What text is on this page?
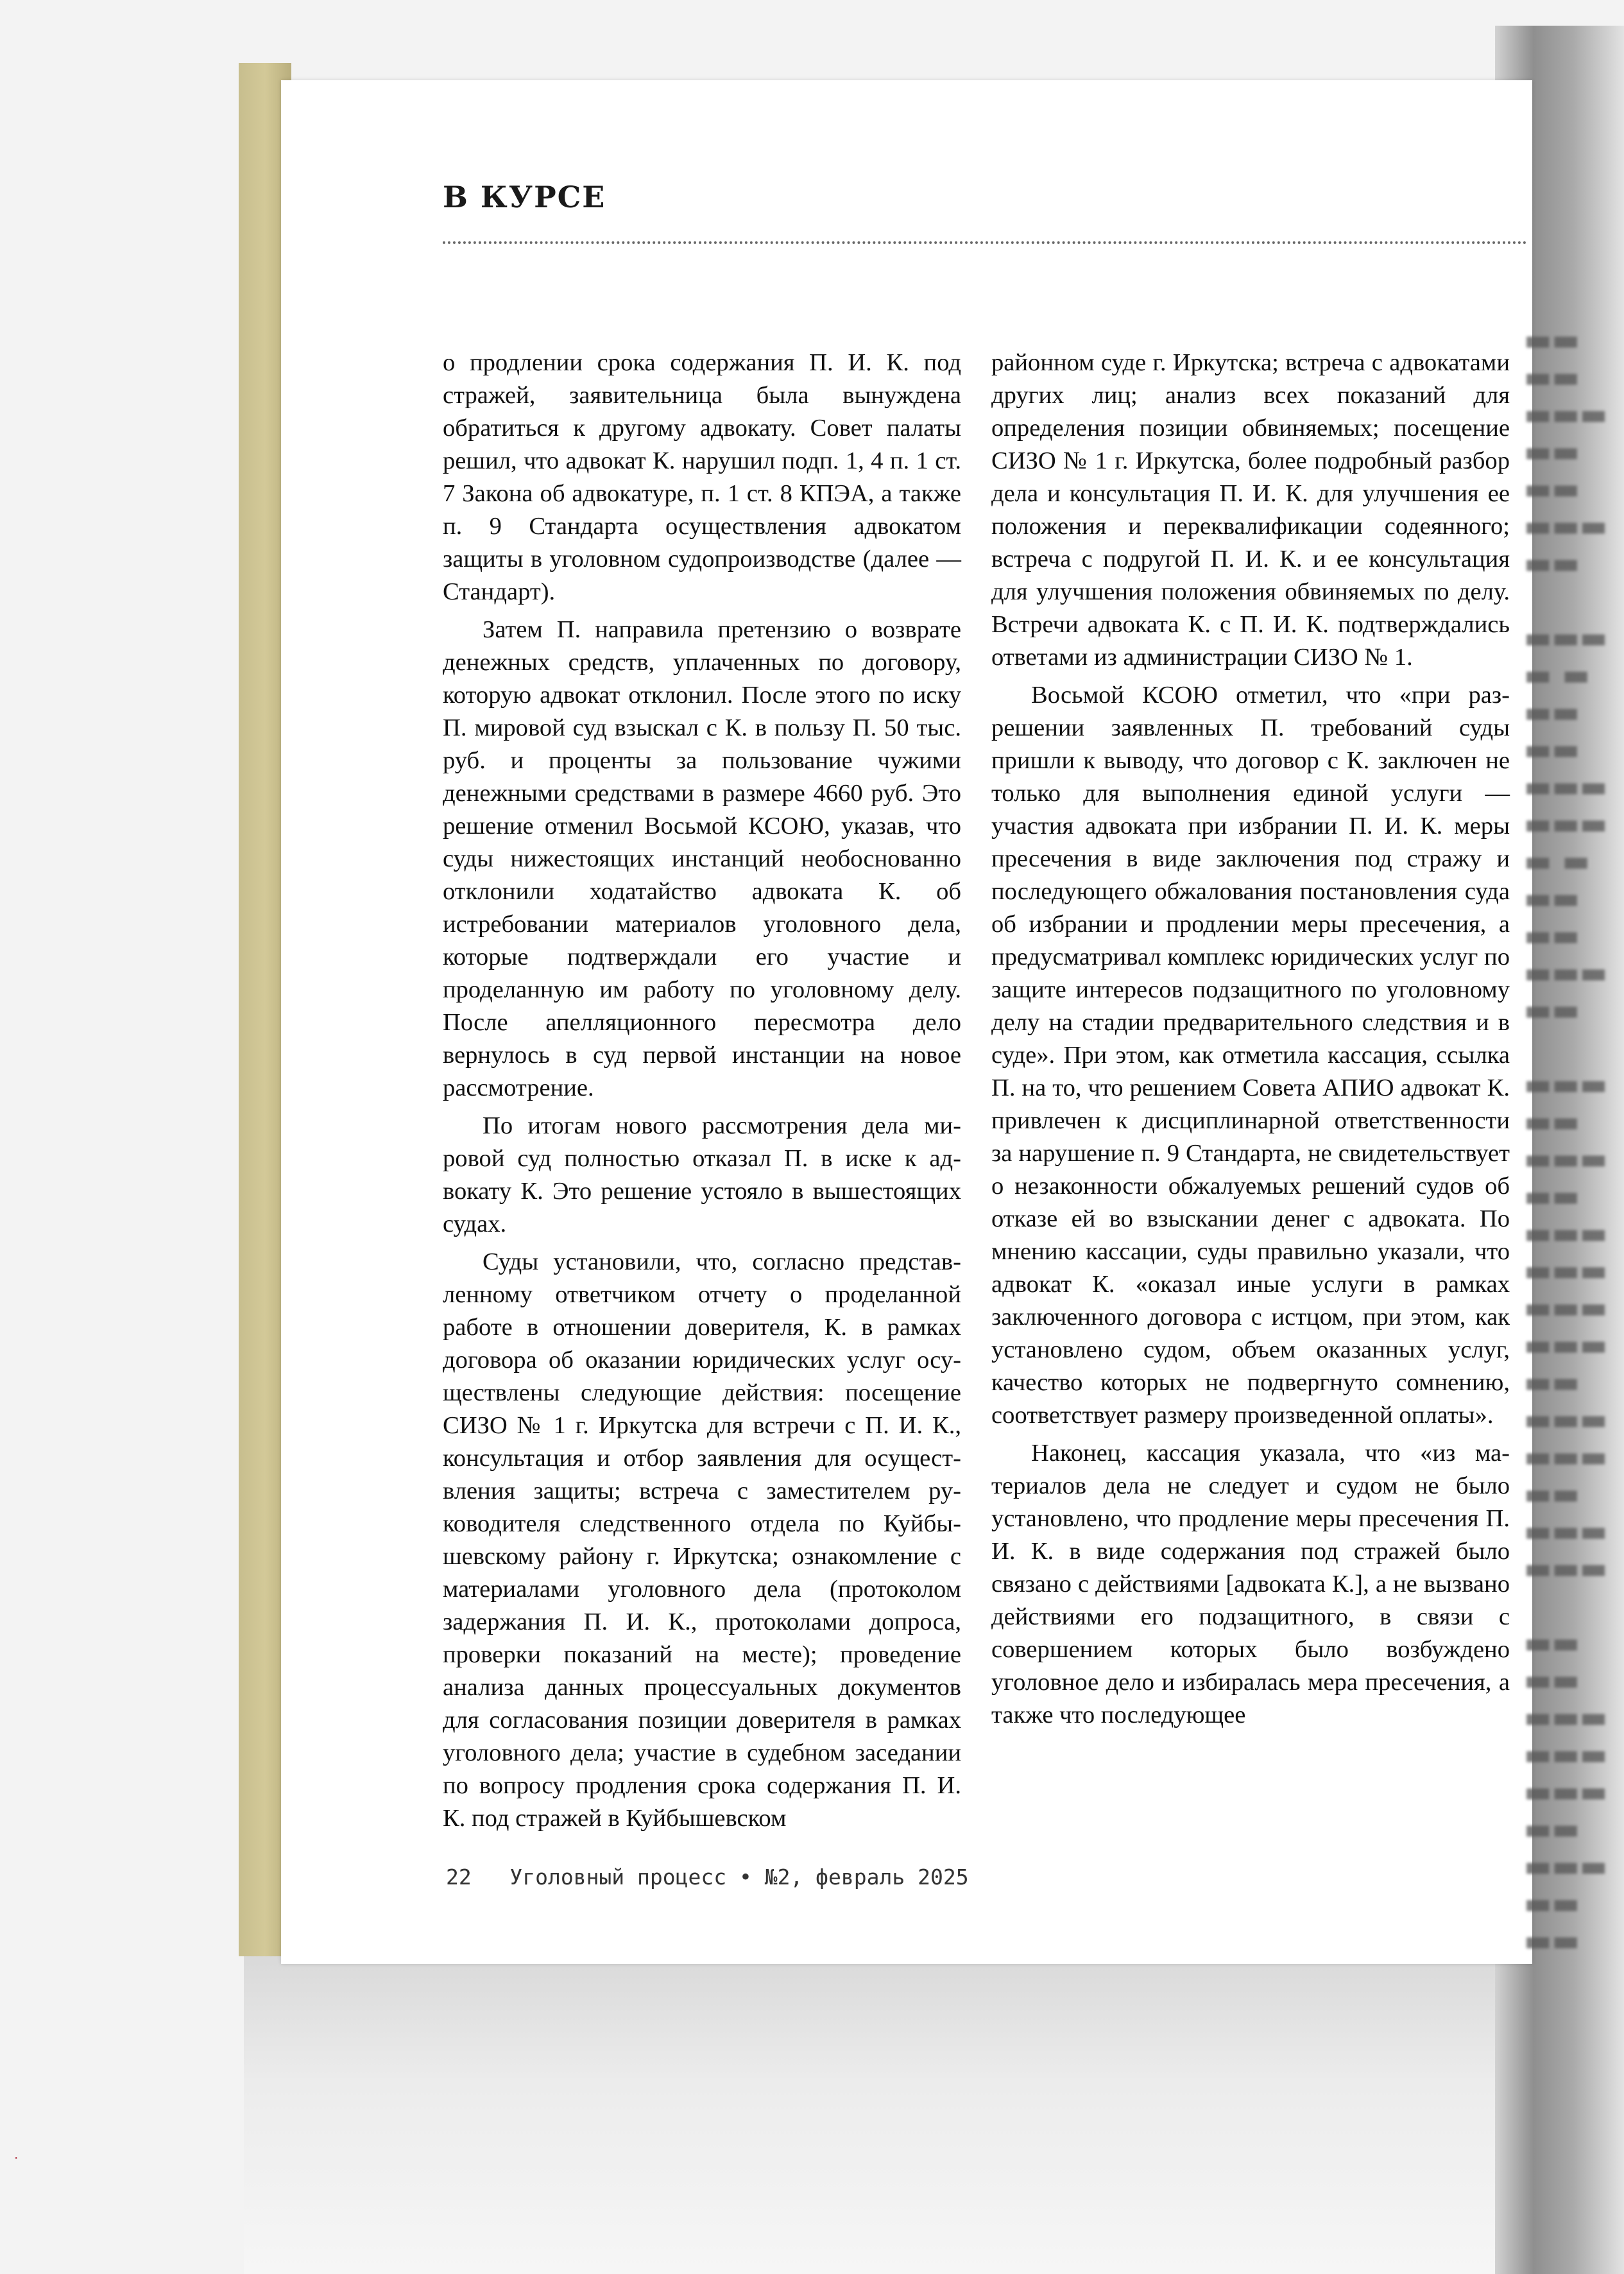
▬▬
▬▬
▬▬▬
▬▬
▬▬
▬▬▬
▬▬

▬▬▬
▬ ▬
▬▬
▬▬
▬▬▬
▬▬▬
▬ ▬
▬▬
▬▬
▬▬▬
▬▬

▬▬▬
▬▬
▬▬▬
▬▬
▬▬▬
▬▬▬
▬▬▬
▬▬▬
▬▬
▬▬▬
▬▬▬
▬▬
▬▬▬
▬▬▬

▬▬
▬▬
▬▬▬
▬▬▬
▬▬▬
▬▬
▬▬▬
▬▬
▬▬
В КУРСЕ

о продлении срока содержания П. И. К. под стражей, заявительница была вынуждена обратиться к другому адвокату. Совет палаты решил, что адвокат К. нарушил подп. 1, 4 п. 1 ст. 7 Закона об адвокатуре, п. 1 ст. 8 КПЭА, а также п. 9 Стандарта осуществления адвокатом защиты в уголовном судопроизводстве (далее — Стандарт).

Затем П. направила претензию о возврате денежных средств, уплаченных по договору, которую адвокат отклонил. После этого по иску П. мировой суд взыскал с К. в пользу П. 50 тыс. руб. и проценты за пользование чужими денежными средствами в размере 4660 руб. Это решение отменил Восьмой КСОЮ, указав, что суды нижестоящих инстанций необоснованно отклонили ходатайство адвоката К. об истребовании материалов уголовного дела, которые подтверждали его участие и проделанную им работу по уголовному делу. После апелляционного пересмотра дело вернулось в суд первой инстанции на новое рассмотрение.

По итогам нового рассмотрения дела мировой суд полностью отказал П. в иске к адвокату К. Это решение устояло в вышестоящих судах.

Суды установили, что, согласно представленному ответчиком отчету о проделанной работе в отношении доверителя, К. в рамках договора об оказании юридических услуг осуществлены следующие действия: посещение СИЗО № 1 г. Иркутска для встречи с П. И. К., консультация и отбор заявления для осуществления защиты; встреча с заместителем руководителя следственного отдела по Куйбышевскому району г. Иркутска; ознакомление с материалами уголовного дела (протоколом задержания П. И. К., протоколами допроса, проверки показаний на месте); проведение анализа данных процессуальных документов для согласования позиции доверителя в рамках уголовного дела; участие в судебном заседании по вопросу продления срока содержания П. И. К. под стражей в Куйбышевском

районном суде г. Иркутска; встреча с адвокатами других лиц; анализ всех показаний для определения позиции обвиняемых; посещение СИЗО № 1 г. Иркутска, более подробный разбор дела и консультация П. И. К. для улучшения ее положения и переквалификации содеянного; встреча с подругой П. И. К. и ее консультация для улучшения положения обвиняемых по делу. Встречи адвоката К. с П. И. К. подтверждались ответами из администрации СИЗО № 1.

Восьмой КСОЮ отметил, что «при разрешении заявленных П. требований суды пришли к выводу, что договор с К. заключен не только для выполнения единой услуги — участия адвоката при избрании П. И. К. меры пресечения в виде заключения под стражу и последующего обжалования постановления суда об избрании и продлении меры пресечения, а предусматривал комплекс юридических услуг по защите интересов подзащитного по уголовному делу на стадии предварительного следствия и в суде». При этом, как отметила кассация, ссылка П. на то, что решением Совета АПИО адвокат К. привлечен к дисциплинарной ответственности за нарушение п. 9 Стандарта, не свидетельствует о незаконности обжалуемых решений судов об отказе ей во взыскании денег с адвоката. По мнению кассации, суды правильно указали, что адвокат К. «оказал иные услуги в рамках заключенного договора с истцом, при этом, как установлено судом, объем оказанных услуг, качество которых не подвергнуто сомнению, соответствует размеру произведенной оплаты».

Наконец, кассация указала, что «из материалов дела не следует и судом не было установлено, что продление меры пресечения П. И. К. в виде содержания под стражей было связано с действиями [адвоката К.], а не вызвано действиями его подзащитного, в связи с совершением которых было возбуждено уголовное дело и избиралась мера пресечения, а также что последующее

22 Уголовный процесс • №2, февраль 2025
·
